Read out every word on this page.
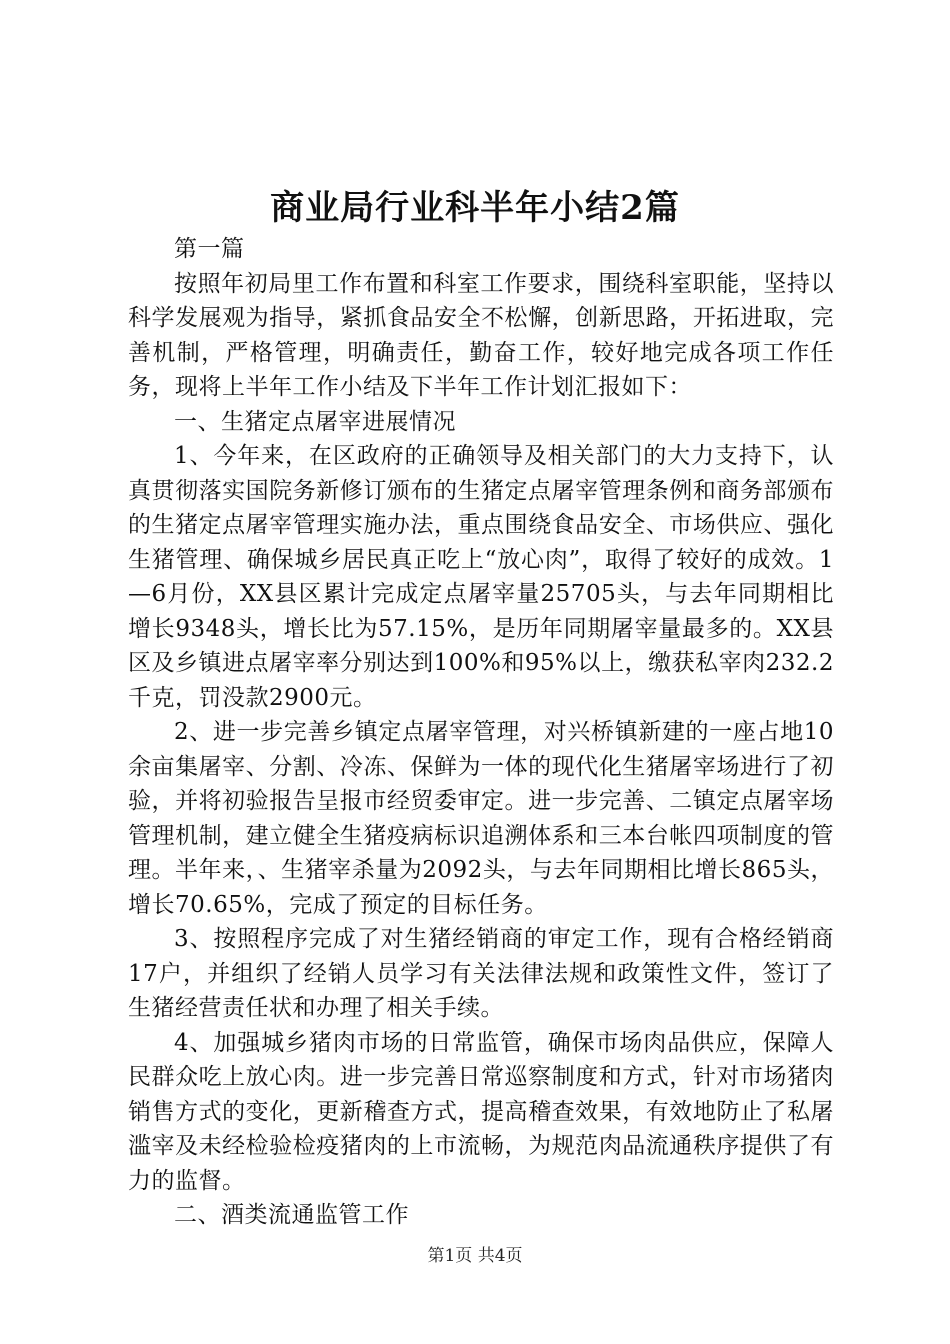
商业局行业科半年小结2篇

第一篇

按照年初局里工作布置和科室工作要求，围绕科室职能，坚持以科学发展观为指导，紧抓食品安全不松懈，创新思路，开拓进取，完善机制，严格管理，明确责任，勤奋工作，较好地完成各项工作任务，现将上半年工作小结及下半年工作计划汇报如下：

一、生猪定点屠宰进展情况

1、今年来，在区政府的正确领导及相关部门的大力支持下，认真贯彻落实国院务新修订颁布的生猪定点屠宰管理条例和商务部颁布的生猪定点屠宰管理实施办法，重点围绕食品安全、市场供应、强化生猪管理、确保城乡居民真正吃上“放心肉”，取得了较好的成效。1—6月份，XX县区累计完成定点屠宰量25705头，与去年同期相比增长9348头，增长比为57.15%，是历年同期屠宰量最多的。XX县区及乡镇进点屠宰率分别达到100%和95%以上，缴获私宰肉232.2千克，罚没款2900元。

2、进一步完善乡镇定点屠宰管理，对兴桥镇新建的一座占地10余亩集屠宰、分割、冷冻、保鲜为一体的现代化生猪屠宰场进行了初验，并将初验报告呈报市经贸委审定。进一步完善、二镇定点屠宰场管理机制，建立健全生猪疫病标识追溯体系和三本台帐四项制度的管理。半年来，、生猪宰杀量为2092头，与去年同期相比增长865头，增长70.65%，完成了预定的目标任务。

3、按照程序完成了对生猪经销商的审定工作，现有合格经销商17户，并组织了经销人员学习有关法律法规和政策性文件，签订了生猪经营责任状和办理了相关手续。

4、加强城乡猪肉市场的日常监管，确保市场肉品供应，保障人民群众吃上放心肉。进一步完善日常巡察制度和方式，针对市场猪肉销售方式的变化，更新稽查方式，提高稽查效果，有效地防止了私屠滥宰及未经检验检疫猪肉的上市流畅，为规范肉品流通秩序提供了有力的监督。

二、酒类流通监管工作

第1页 共4页
